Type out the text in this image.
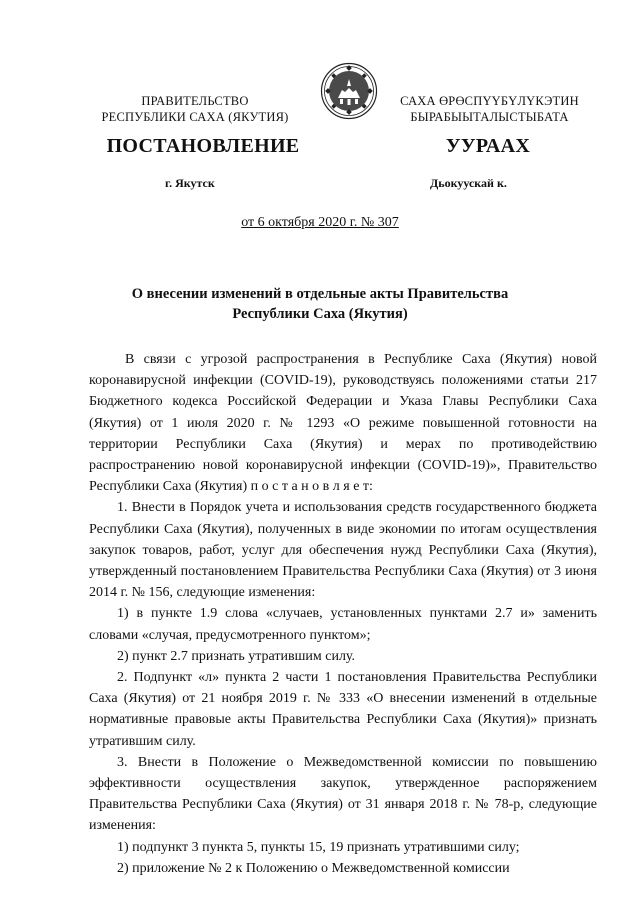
ПРАВИТЕЛЬСТВО
РЕСПУБЛИКИ САХА (ЯКУТИЯ)
САХА ӨРӨСПҮҮБҮЛҮКЭТИН
БЫРАБЫЫТАЛЫСТЫБАТА
ПОСТАНОВЛЕНИЕ	УУРААХ
г. Якутск	Дьокуускай к.
от 6 октября 2020 г. № 307
О внесении изменений в отдельные акты Правительства
Республики Саха (Якутия)

В связи с угрозой распространения в Республике Саха (Якутия) новой коронавирусной инфекции (COVID-19), руководствуясь положениями статьи 217 Бюджетного кодекса Российской Федерации и Указа Главы Республики Саха (Якутия) от 1 июля 2020 г. № 1293 «О режиме повышенной готовности на территории Республики Саха (Якутия) и мерах по противодействию распространению новой коронавирусной инфекции (COVID-19)», Правительство Республики Саха (Якутия) п о с т а н о в л я е т:

1. Внести в Порядок учета и использования средств государственного бюджета Республики Саха (Якутия), полученных в виде экономии по итогам осуществления закупок товаров, работ, услуг для обеспечения нужд Республики Саха (Якутия), утвержденный постановлением Правительства Республики Саха (Якутия) от 3 июня 2014 г. № 156, следующие изменения:

1) в пункте 1.9 слова «случаев, установленных пунктами 2.7 и» заменить словами «случая, предусмотренного пунктом»;

2) пункт 2.7 признать утратившим силу.

2. Подпункт «л» пункта 2 части 1 постановления Правительства Республики Саха (Якутия) от 21 ноября 2019 г. № 333 «О внесении изменений в отдельные нормативные правовые акты Правительства Республики Саха (Якутия)» признать утратившим силу.

3. Внести в Положение о Межведомственной комиссии по повышению эффективности осуществления закупок, утвержденное распоряжением Правительства Республики Саха (Якутия) от 31 января 2018 г. № 78-р, следующие изменения:

1) подпункт 3 пункта 5, пункты 15, 19 признать утратившими силу;

2) приложение № 2 к Положению о Межведомственной комиссии
